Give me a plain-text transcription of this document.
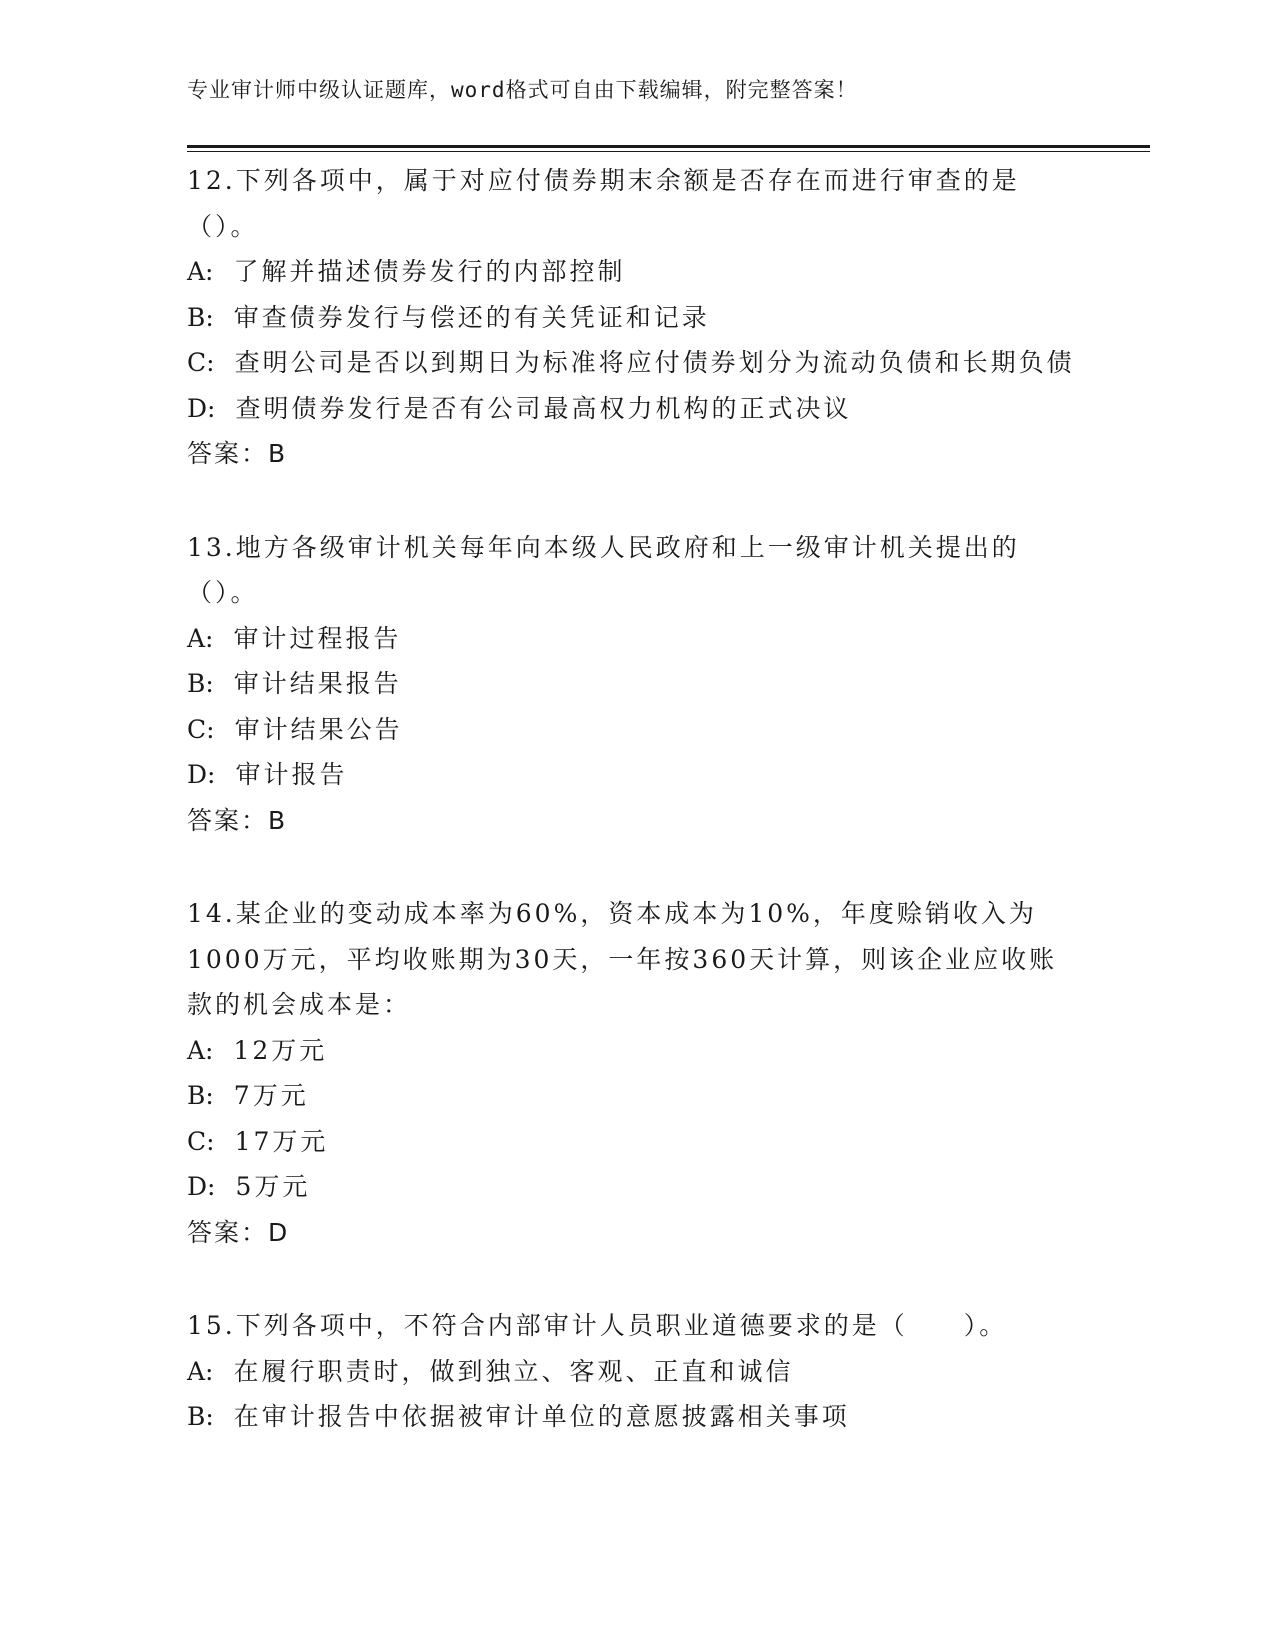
专业审计师中级认证题库，word格式可自由下载编辑，附完整答案！
12.下列各项中，属于对应付债券期末余额是否存在而进行审查的是（）。
A: 了解并描述债券发行的内部控制
B: 审查债券发行与偿还的有关凭证和记录
C: 查明公司是否以到期日为标准将应付债券划分为流动负债和长期负债
D: 查明债券发行是否有公司最高权力机构的正式决议
答案：B
13.地方各级审计机关每年向本级人民政府和上一级审计机关提出的（）。
A: 审计过程报告
B: 审计结果报告
C: 审计结果公告
D: 审计报告
答案：B
14.某企业的变动成本率为60%，资本成本为10%，年度赊销收入为1000万元，平均收账期为30天，一年按360天计算，则该企业应收账款的机会成本是：
A: 12万元
B: 7万元
C: 17万元
D: 5万元
答案：D
15.下列各项中，不符合内部审计人员职业道德要求的是（　　）。
A: 在履行职责时，做到独立、客观、正直和诚信
B: 在审计报告中依据被审计单位的意愿披露相关事项
